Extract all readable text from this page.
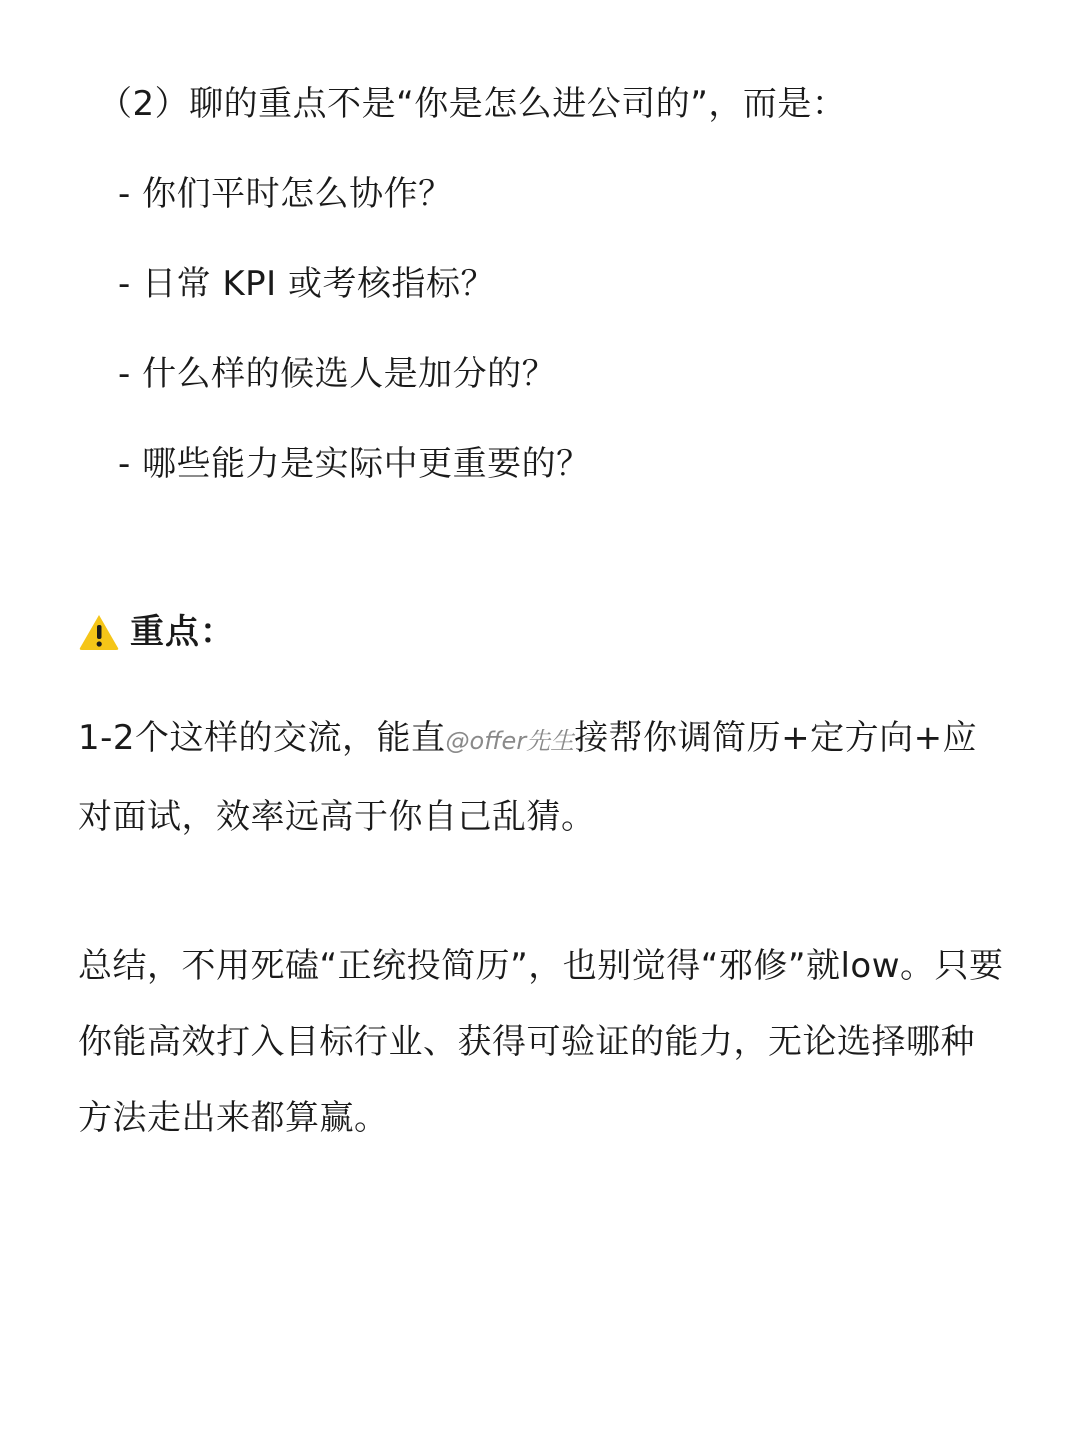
（2）聊的重点不是“你是怎么进公司的”，而是：
- 你们平时怎么协作？
- 日常 KPI 或考核指标？
- 什么样的候选人是加分的？
- 哪些能力是实际中更重要的？
重点：
1-2个这样的交流，能直@offer先生接帮你调简历+定方向+应对面试，效率远高于你自己乱猜。
总结，不用死磕“正统投简历”，也别觉得“邪修”就low。只要你能高效打入目标行业、获得可验证的能力，无论选择哪种方法走出来都算赢。
